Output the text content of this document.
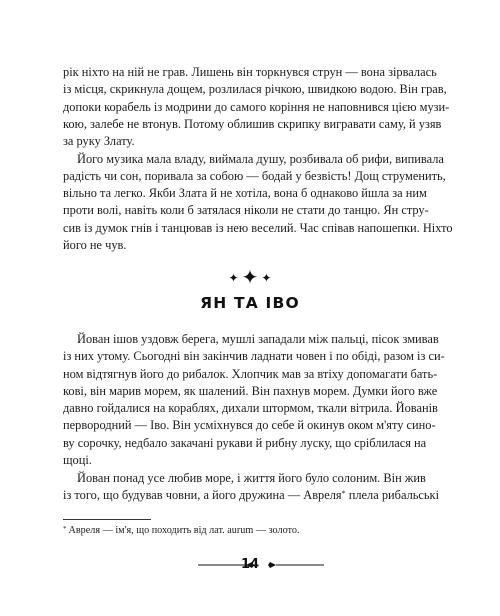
рік ніхто на ній не грав. Лишень він торкнувся струн — вона зірвалась
із місця, скрикнула дощем, розлилася річкою, швидкою водою. Він грав,
допоки корабель із модрини до самого коріння не наповнився цією музи-
кою, залебе не втонув. Потому облишив скрипку вигравати саму, й узяв
за руку Злату.
Його музика мала владу, виймала душу, розбивала об рифи, випивала
радість чи сон, поривала за собою — бодай у безвість! Дощ струменить,
вільно та легко. Якби Злата й не хотіла, вона б однаково йшла за ним
проти волі, навіть коли б затялася ніколи не стати до танцю. Ян стру-
сив із думок гнів і танцював із нею веселий. Час співав напошепки. Ніхто
його не чув.
✦ ✦ ✦
ЯН ТА ІВО
Йован ішов уздовж берега, мушлі западали між пальці, пісок змивав
із них утому. Сьогодні він закінчив ладнати човен і по обіді, разом із си-
ном відтягнув його до рибалок. Хлопчик мав за втіху допомагати бать-
кові, він марив морем, як шалений. Він пахнув морем. Думки його вже
давно гойдалися на кораблях, дихали штормом, ткали вітрила. Йованів
первородний — Іво. Він усміхнувся до себе й окинув оком м'яту сино-
ву сорочку, недбало закачані рукави й рибну луску, що сріблилася на
щоці.
Йован понад усе любив море, і життя його було солоним. Він жив
із того, що будував човни, а його дружина — Авреля* плела рибальські
* Авреля — ім'я, що походить від лат. aurum — золото.
14
